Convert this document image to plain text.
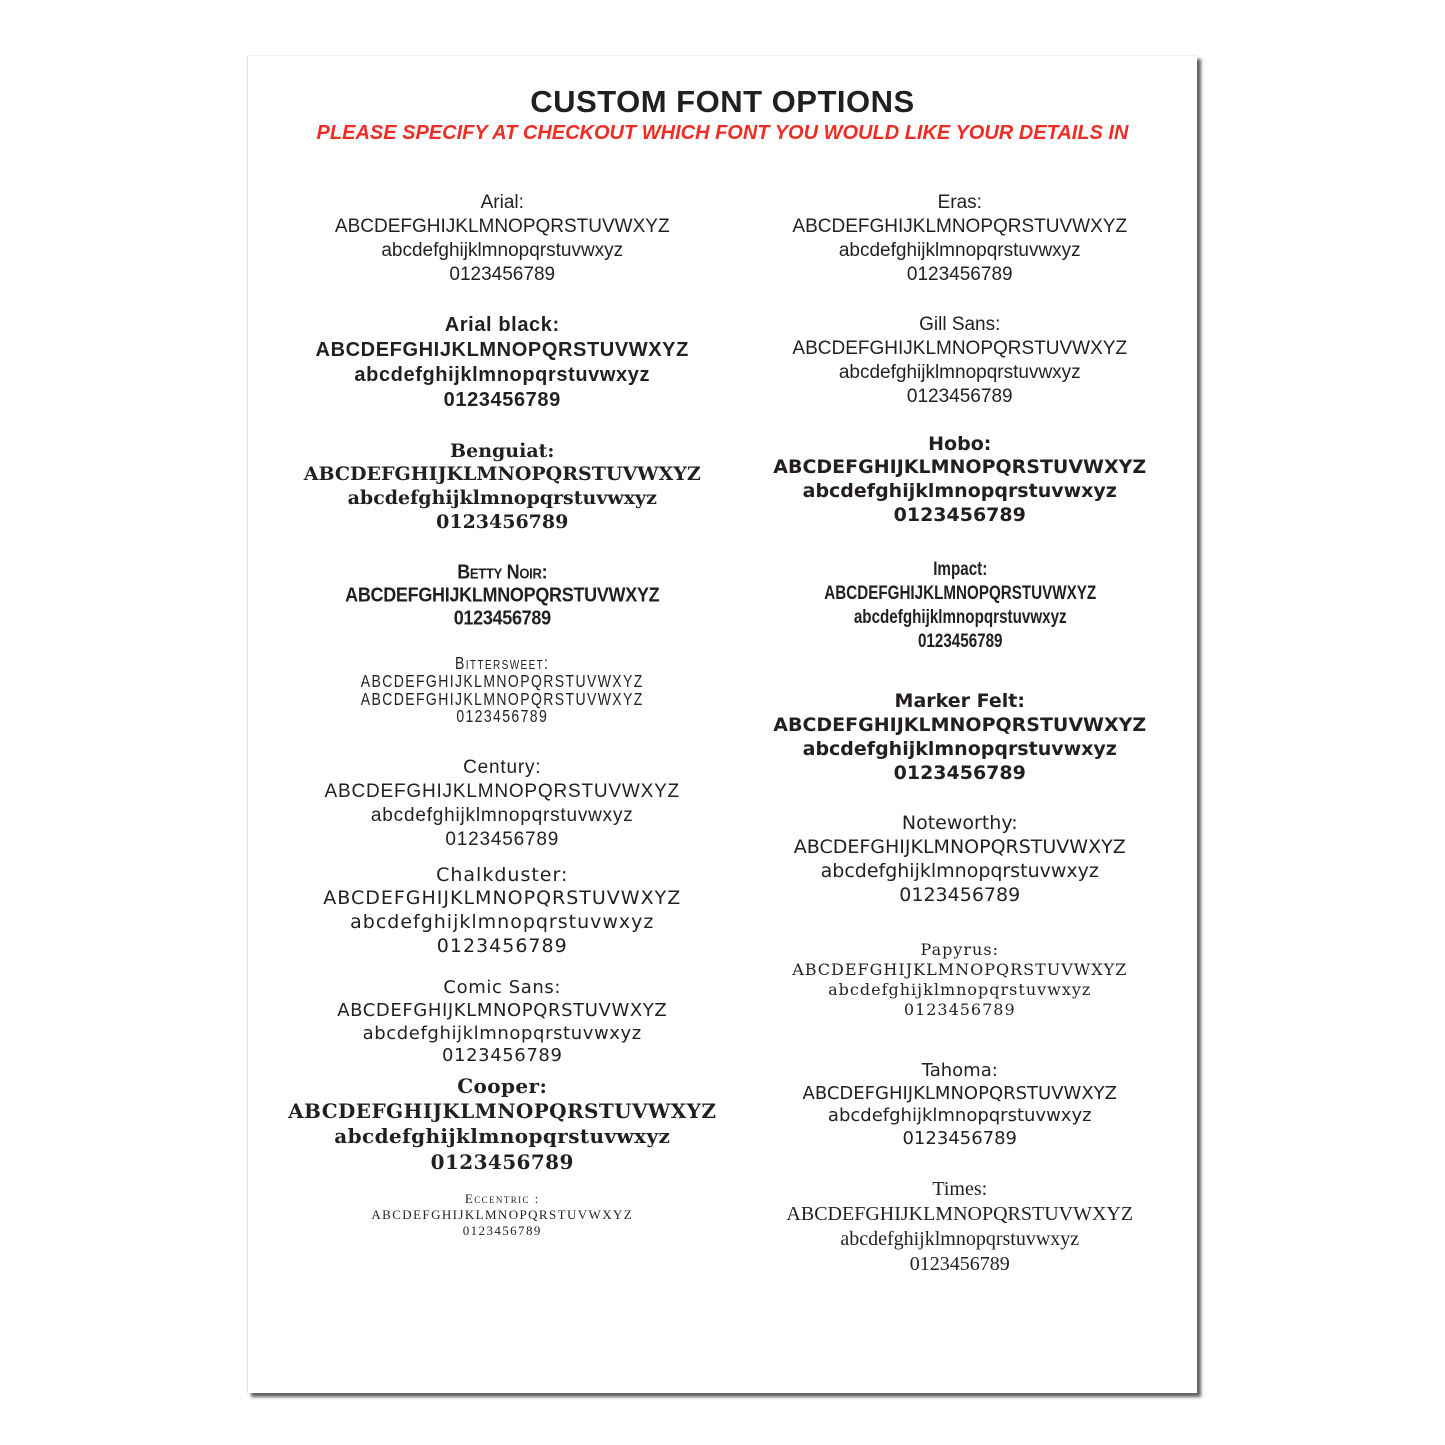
CUSTOM FONT OPTIONS
PLEASE SPECIFY AT CHECKOUT WHICH FONT YOU WOULD LIKE YOUR DETAILS IN
Arial:
ABCDEFGHIJKLMNOPQRSTUVWXYZ
abcdefghijklmnopqrstuvwxyz
0123456789
Arial black:
ABCDEFGHIJKLMNOPQRSTUVWXYZ
abcdefghijklmnopqrstuvwxyz
0123456789
Benguiat:
ABCDEFGHIJKLMNOPQRSTUVWXYZ
abcdefghijklmnopqrstuvwxyz
0123456789
Betty Noir:
ABCDEFGHIJKLMNOPQRSTUVWXYZ
0123456789
Bittersweet:
ABCDEFGHIJKLMNOPQRSTUVWXYZ
ABCDEFGHIJKLMNOPQRSTUVWXYZ
0123456789
Century:
ABCDEFGHIJKLMNOPQRSTUVWXYZ
abcdefghijklmnopqrstuvwxyz
0123456789
Chalkduster:
ABCDEFGHIJKLMNOPQRSTUVWXYZ
abcdefghijklmnopqrstuvwxyz
0123456789
Comic Sans:
ABCDEFGHIJKLMNOPQRSTUVWXYZ
abcdefghijklmnopqrstuvwxyz
0123456789
Cooper:
ABCDEFGHIJKLMNOPQRSTUVWXYZ
abcdefghijklmnopqrstuvwxyz
0123456789
Eccentric :
ABCDEFGHIJKLMNOPQRSTUVWXYZ
0123456789
Eras:
ABCDEFGHIJKLMNOPQRSTUVWXYZ
abcdefghijklmnopqrstuvwxyz
0123456789
Gill Sans:
ABCDEFGHIJKLMNOPQRSTUVWXYZ
abcdefghijklmnopqrstuvwxyz
0123456789
Hobo:
ABCDEFGHIJKLMNOPQRSTUVWXYZ
abcdefghijklmnopqrstuvwxyz
0123456789
Impact:
ABCDEFGHIJKLMNOPQRSTUVWXYZ
abcdefghijklmnopqrstuvwxyz
0123456789
Marker Felt:
ABCDEFGHIJKLMNOPQRSTUVWXYZ
abcdefghijklmnopqrstuvwxyz
0123456789
Noteworthy:
ABCDEFGHIJKLMNOPQRSTUVWXYZ
abcdefghijklmnopqrstuvwxyz
0123456789
Papyrus:
ABCDEFGHIJKLMNOPQRSTUVWXYZ
abcdefghijklmnopqrstuvwxyz
0123456789
Tahoma:
ABCDEFGHIJKLMNOPQRSTUVWXYZ
abcdefghijklmnopqrstuvwxyz
0123456789
Times:
ABCDEFGHIJKLMNOPQRSTUVWXYZ
abcdefghijklmnopqrstuvwxyz
0123456789
